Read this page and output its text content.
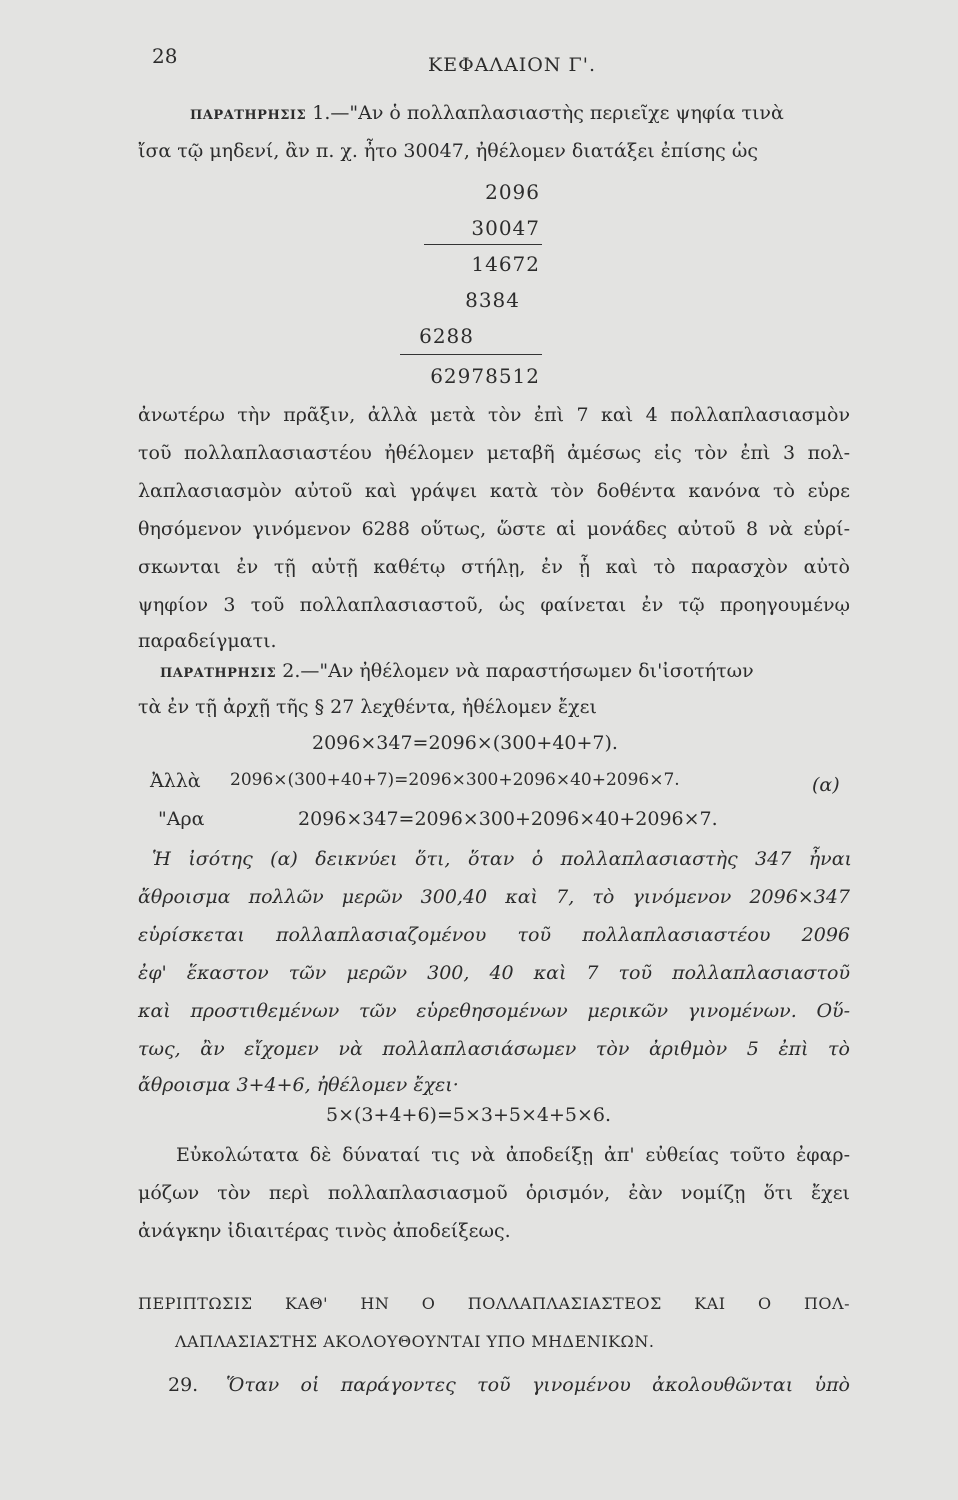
28	ΚΕΦΑΛΑΙΟΝ Γ'.
ΠΑΡΑΤΗΡΗΣΙΣ 1.—"Αν ὁ πολλαπλασιαστὴς περιεῖχε ψηφία τινὰ
ἴσα τῷ μηδενί, ἂν π. χ. ἦτο 30047, ἠθέλομεν διατάξει ἐπίσης ὡς
2096
30047
14672
8384
6288
62978512
ἀνωτέρω τὴν πρᾶξιν, ἀλλὰ μετὰ τὸν ἐπὶ 7 καὶ 4 πολλαπλασιασμὸν
τοῦ πολλαπλασιαστέου ἠθέλομεν μεταβῆ ἀμέσως εἰς τὸν ἐπὶ 3 πολ-
λαπλασιασμὸν αὐτοῦ καὶ γράψει κατὰ τὸν δοθέντα κανόνα τὸ εὑρε
θησόμενον γινόμενον 6288 οὕτως, ὥστε αἱ μονάδες αὐτοῦ 8 νὰ εὑρί-
σκωνται ἐν τῇ αὐτῇ καθέτῳ στήλῃ, ἐν ᾗ καὶ τὸ παρασχὸν αὐτὸ
ψηφίον 3 τοῦ πολλαπλασιαστοῦ, ὡς φαίνεται ἐν τῷ προηγουμένῳ
παραδείγματι.
ΠΑΡΑΤΗΡΗΣΙΣ 2.—"Αν ἠθέλομεν νὰ παραστήσωμεν δι'ἰσοτήτων
τὰ ἐν τῇ ἀρχῇ τῆς § 27 λεχθέντα, ἠθέλομεν ἔχει
2096×347=2096×(300+40+7).
Ἀλλὰ 2096×(300+40+7)=2096×300+2096×40+2096×7.	(α)
"Αρα	2096×347=2096×300+2096×40+2096×7.
Ἡ ἰσότης (α) δεικνύει ὅτι, ὅταν ὁ πολλαπλασιαστὴς 347 ἦναι
ἄθροισμα πολλῶν μερῶν 300,40 καὶ 7, τὸ γινόμενον 2096×347
εὑρίσκεται πολλαπλασιαζομένου τοῦ πολλαπλασιαστέου 2096
ἐφ' ἕκαστον τῶν μερῶν 300, 40 καὶ 7 τοῦ πολλαπλασιαστοῦ
καὶ προστιθεμένων τῶν εὑρεθησομένων μερικῶν γινομένων. Οὕ-
τως, ἂν εἴχομεν νὰ πολλαπλασιάσωμεν τὸν ἀριθμὸν 5 ἐπὶ τὸ
ἄθροισμα 3+4+6, ἠθέλομεν ἔχει·
5×(3+4+6)=5×3+5×4+5×6.
Εὐκολώτατα δὲ δύναταί τις νὰ ἀποδείξῃ ἀπ' εὐθείας τοῦτο ἐφαρ-
μόζων τὸν περὶ πολλαπλασιασμοῦ ὁρισμόν, ἐὰν νομίζῃ ὅτι ἔχει
ἀνάγκην ἰδιαιτέρας τινὸς ἀποδείξεως.
ΠΕΡΙΠΤΩΣΙΣ ΚΑΘ' ΗΝ Ο ΠΟΛΛΑΠΛΑΣΙΑΣΤΕΟΣ ΚΑΙ Ο ΠΟΛ-
ΛΑΠΛΑΣΙΑΣΤΗΣ ΑΚΟΛΟΥΘΟΥΝΤΑΙ ΥΠΟ ΜΗΔΕΝΙΚΩΝ.
29. Ὅταν οἱ παράγοντες τοῦ γινομένου ἀκολουθῶνται ὑπὸ
